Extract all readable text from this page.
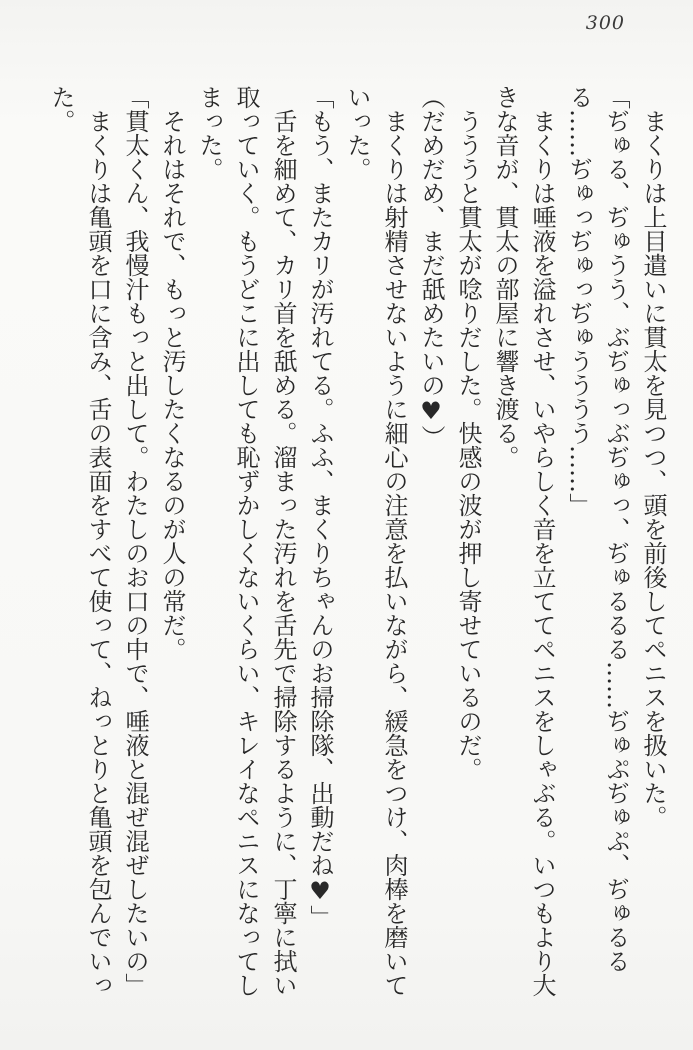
300
まくりは上目遣いに貫太を見つつ、頭を前後してペニスを扱いた。
「ぢゅる、ぢゅうう、ぶぢゅっぶぢゅっ、ぢゅるるる……ぢゅぷぢゅぷ、ぢゅるる
る……ぢゅっぢゅっぢゅうううう……」
まくりは唾液を溢れさせ、いやらしく音を立ててペニスをしゃぶる。いつもより大
きな音が、貫太の部屋に響き渡る。
うううと貫太が唸りだした。快感の波が押し寄せているのだ。
（だめだめ、まだ舐めたいの♥）
まくりは射精させないように細心の注意を払いながら、緩急をつけ、肉棒を磨いて
いった。
「もう、またカリが汚れてる。ふふ、まくりちゃんのお掃除隊、出動だね♥」
舌を細めて、カリ首を舐める。溜まった汚れを舌先で掃除するように、丁寧に拭い
取っていく。もうどこに出しても恥ずかしくないくらい、キレイなペニスになってし
まった。
それはそれで、もっと汚したくなるのが人の常だ。
「貫太くん、我慢汁もっと出して。わたしのお口の中で、唾液と混ぜ混ぜしたいの」
まくりは亀頭を口に含み、舌の表面をすべて使って、ねっとりと亀頭を包んでいっ
た。
